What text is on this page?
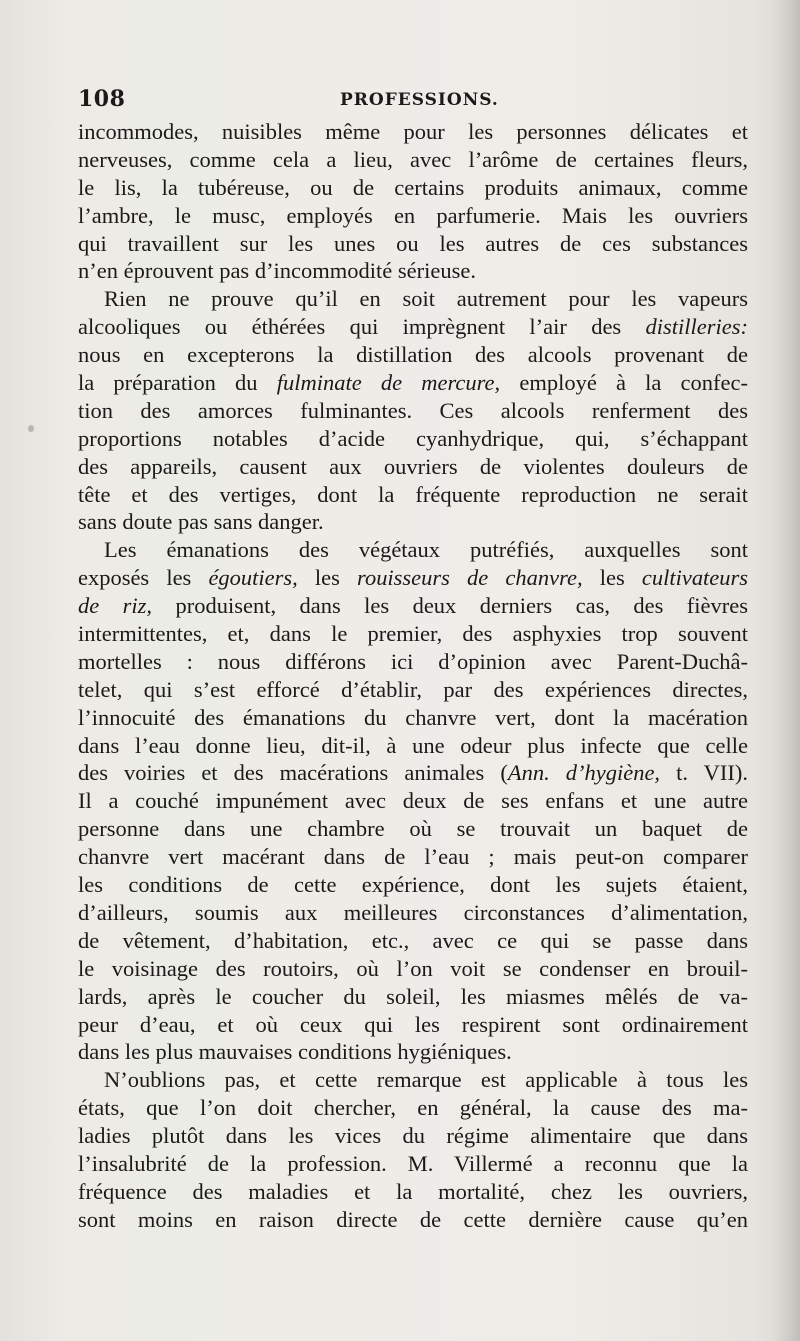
108	PROFESSIONS.
incommodes, nuisibles même pour les personnes délicates et
nerveuses, comme cela a lieu, avec l’arôme de certaines fleurs,
le lis, la tubéreuse, ou de certains produits animaux, comme
l’ambre, le musc, employés en parfumerie. Mais les ouvriers
qui travaillent sur les unes ou les autres de ces substances
n’en éprouvent pas d’incommodité sérieuse.
Rien ne prouve qu’il en soit autrement pour les vapeurs
alcooliques ou éthérées qui imprègnent l’air des distilleries:
nous en excepterons la distillation des alcools provenant de
la préparation du fulminate de mercure, employé à la confec-
tion des amorces fulminantes. Ces alcools renferment des
proportions notables d’acide cyanhydrique, qui, s’échappant
des appareils, causent aux ouvriers de violentes douleurs de
tête et des vertiges, dont la fréquente reproduction ne serait
sans doute pas sans danger.
Les émanations des végétaux putréfiés, auxquelles sont
exposés les égoutiers, les rouisseurs de chanvre, les cultivateurs
de riz, produisent, dans les deux derniers cas, des fièvres
intermittentes, et, dans le premier, des asphyxies trop souvent
mortelles : nous différons ici d’opinion avec Parent-Duchâ-
telet, qui s’est efforcé d’établir, par des expériences directes,
l’innocuité des émanations du chanvre vert, dont la macération
dans l’eau donne lieu, dit-il, à une odeur plus infecte que celle
des voiries et des macérations animales (Ann. d’hygiène, t. VII).
Il a couché impunément avec deux de ses enfans et une autre
personne dans une chambre où se trouvait un baquet de
chanvre vert macérant dans de l’eau ; mais peut-on comparer
les conditions de cette expérience, dont les sujets étaient,
d’ailleurs, soumis aux meilleures circonstances d’alimentation,
de vêtement, d’habitation, etc., avec ce qui se passe dans
le voisinage des routoirs, où l’on voit se condenser en brouil-
lards, après le coucher du soleil, les miasmes mêlés de va-
peur d’eau, et où ceux qui les respirent sont ordinairement
dans les plus mauvaises conditions hygiéniques.
N’oublions pas, et cette remarque est applicable à tous les
états, que l’on doit chercher, en général, la cause des ma-
ladies plutôt dans les vices du régime alimentaire que dans
l’insalubrité de la profession. M. Villermé a reconnu que la
fréquence des maladies et la mortalité, chez les ouvriers,
sont moins en raison directe de cette dernière cause qu’en
